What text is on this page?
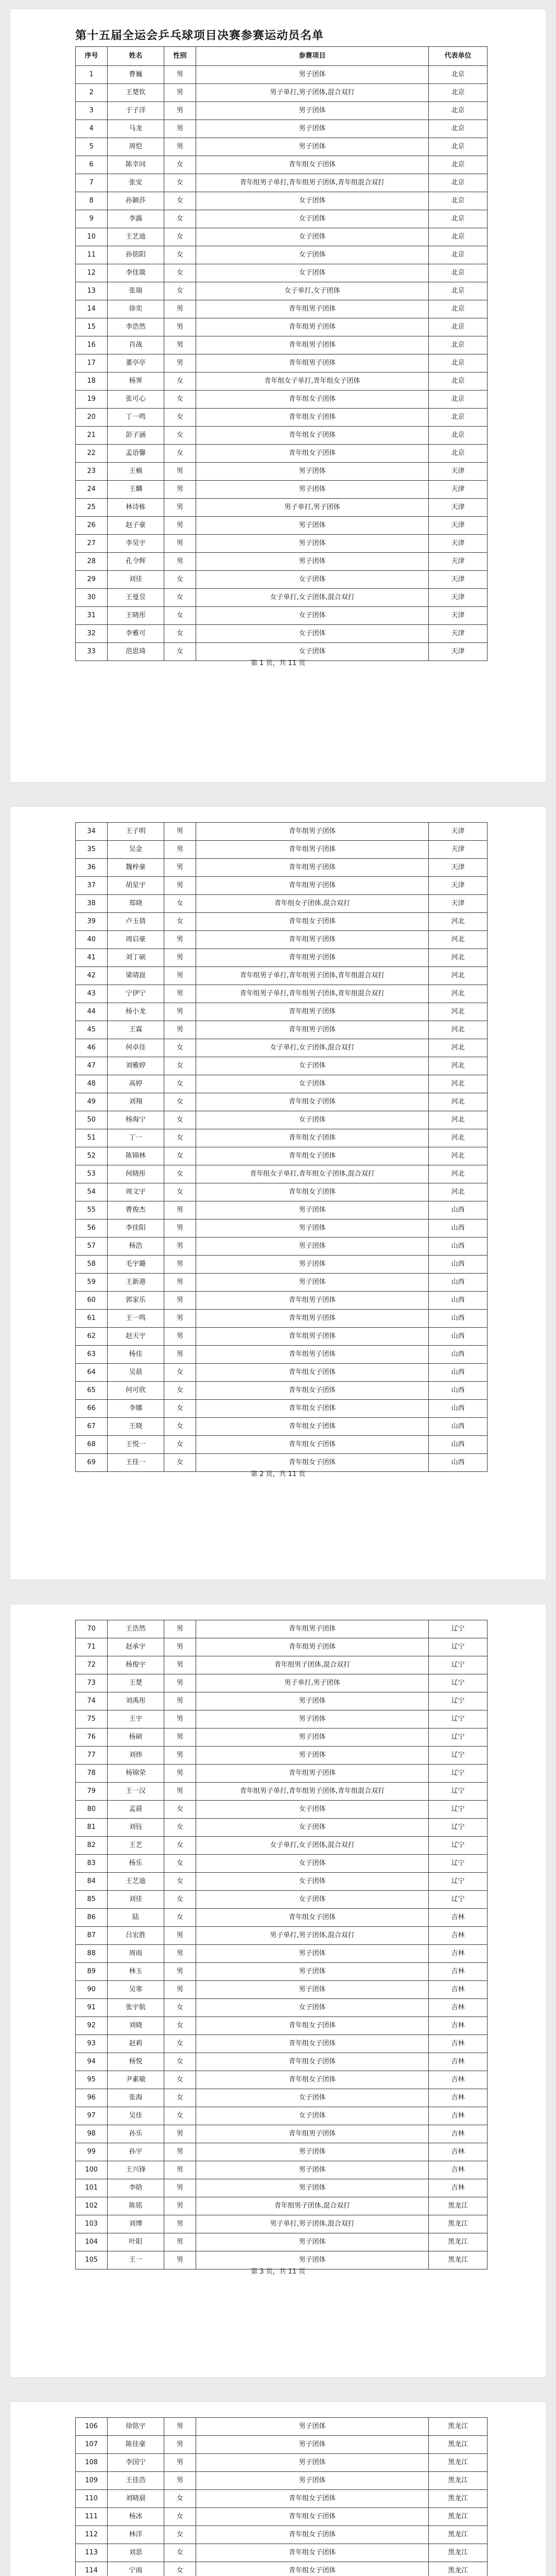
第十五届全运会乒乓球项目决赛参赛运动员名单
序号	姓名	性别	参赛项目	代表单位
1	曹巍	男	男子团体	北京
2	王楚钦	男	男子单打,男子团体,混合双打	北京
3	于子洋	男	男子团体	北京
4	马龙	男	男子团体	北京
5	周恺	男	男子团体	北京
6	陈幸同	女	青年组女子团体	北京
7	张安	女	青年组男子单打,青年组男子团体,青年组混合双打	北京
8	孙颖莎	女	女子团体	北京
9	李露	女	女子团体	北京
10	王艺迪	女	女子团体	北京
11	孙铭阳	女	女子团体	北京
12	李佳燚	女	女子团体	北京
13	张瑞	女	女子单打,女子团体	北京
14	徐奕	男	青年组男子团体	北京
15	李浩然	男	青年组男子团体	北京
16	肖战	男	青年组男子团体	北京
17	董亭亭	男	青年组男子团体	北京
18	杨霁	女	青年组女子单打,青年组女子团体	北京
19	张可心	女	青年组女子团体	北京
20	丁一鸣	女	青年组女子团体	北京
21	彭子涵	女	青年组女子团体	北京
22	孟语馨	女	青年组女子团体	北京
23	王楠	男	男子团体	天津
24	王麟	男	男子团体	天津
25	林诗栋	男	男子单打,男子团体	天津
26	赵子豪	男	男子团体	天津
27	李昊宇	男	男子团体	天津
28	孔令辉	男	男子团体	天津
29	刘佳	女	女子团体	天津
30	王曼昱	女	女子单打,女子团体,混合双打	天津
31	王晓彤	女	女子团体	天津
32	李雅可	女	女子团体	天津
33	范思琦	女	女子团体	天津
第 1 页，共 11 页
34	王子明	男	青年组男子团体	天津
35	吴金	男	青年组男子团体	天津
36	魏梓豪	男	青年组男子团体	天津
37	胡星宇	男	青年组男子团体	天津
38	郑晓	女	青年组女子团体,混合双打	天津
39	卢玉倩	女	青年组女子团体	河北
40	周启豪	男	青年组男子团体	河北
41	刘丁硕	男	青年组男子团体	河北
42	梁靖崑	男	青年组男子单打,青年组男子团体,青年组混合双打	河北
43	宁伊宁	男	青年组男子单打,青年组男子团体,青年组混合双打	河北
44	杨小龙	男	青年组男子团体	河北
45	王霖	男	青年组男子团体	河北
46	何卓佳	女	女子单打,女子团体,混合双打	河北
47	刘雅婷	女	女子团体	河北
48	高婷	女	女子团体	河北
49	刘翔	女	青年组女子团体	河北
50	杨海宁	女	女子团体	河北
51	丁一	女	青年组女子团体	河北
52	陈锦林	女	青年组女子团体	河北
53	何晓彤	女	青年组女子单打,青年组女子团体,混合双打	河北
54	周文宇	女	青年组女子团体	河北
55	曹俊杰	男	男子团体	山西
56	李佳阳	男	男子团体	山西
57	杨浩	男	男子团体	山西
58	毛宇璐	男	男子团体	山西
59	王新港	男	男子团体	山西
60	郭家乐	男	青年组男子团体	山西
61	王一鸣	男	青年组男子团体	山西
62	赵天宇	男	青年组男子团体	山西
63	杨佳	男	青年组男子团体	山西
64	吴晨	女	青年组女子团体	山西
65	何可欣	女	青年组女子团体	山西
66	李娜	女	青年组女子团体	山西
67	王晓	女	青年组女子团体	山西
68	王悦一	女	青年组女子团体	山西
69	王佳一	女	青年组女子团体	山西
第 2 页，共 11 页
70	王浩然	男	青年组男子团体	辽宁
71	赵承宇	男	青年组男子团体	辽宁
72	杨俊宇	男	青年组男子团体,混合双打	辽宁
73	王楚	男	男子单打,男子团体	辽宁
74	刘禹彤	男	男子团体	辽宁
75	王宇	男	男子团体	辽宁
76	杨硕	男	男子团体	辽宁
77	刘炜	男	男子团体	辽宁
78	杨锦荣	男	青年组男子团体	辽宁
79	王一汉	男	青年组男子单打,青年组男子团体,青年组混合双打	辽宁
80	孟晨	女	女子团体	辽宁
81	刘钰	女	女子团体	辽宁
82	王艺	女	女子单打,女子团体,混合双打	辽宁
83	杨乐	女	女子团体	辽宁
84	王艺迪	女	女子团体	辽宁
85	刘佳	女	女子团体	辽宁
86	陆	女	青年组女子团体	吉林
87	吕宏胜	男	男子单打,男子团体,混合双打	吉林
88	周雨	男	男子团体	吉林
89	林玉	男	男子团体	吉林
90	吴寒	男	男子团体	吉林
91	张宇航	女	女子团体	吉林
92	刘晓	女	青年组女子团体	吉林
93	赵莉	女	青年组女子团体	吉林
94	杨悦	女	青年组女子团体	吉林
95	尹素敏	女	青年组女子团体	吉林
96	张海	女	女子团体	吉林
97	吴佳	女	女子团体	吉林
98	孙乐	男	青年组男子团体	吉林
99	孙宇	男	男子团体	吉林
100	王兴锋	男	男子团体	吉林
101	李晗	男	男子团体	吉林
102	陈铭	男	青年组男子团体,混合双打	黑龙江
103	刘博	男	男子单打,男子团体,混合双打	黑龙江
104	叶阳	男	男子团体	黑龙江
105	王一	男	男子团体	黑龙江
第 3 页，共 11 页
106	徐铭宇	男	男子团体	黑龙江
107	陈佳豪	男	男子团体	黑龙江
108	李国宁	男	男子团体	黑龙江
109	王佳浩	男	男子团体	黑龙江
110	刘晓晨	女	青年组女子团体	黑龙江
111	杨冰	女	青年组女子团体	黑龙江
112	林洋	女	青年组女子团体	黑龙江
113	刘思	女	青年组女子团体	黑龙江
114	宁雨	女	青年组女子团体	黑龙江
